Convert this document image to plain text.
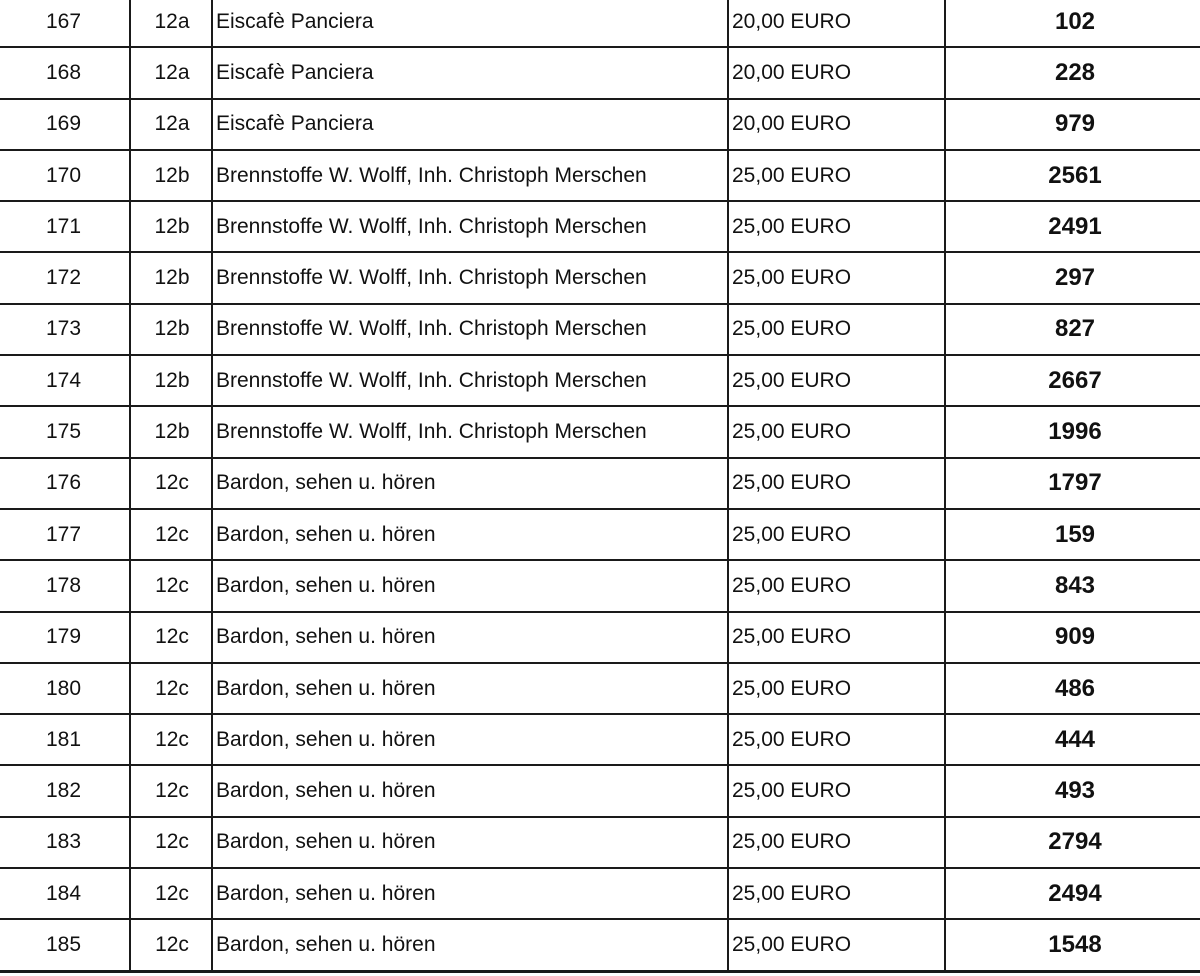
167	12a	Eiscafè Panciera	20,00 EURO	102
168	12a	Eiscafè Panciera	20,00 EURO	228
169	12a	Eiscafè Panciera	20,00 EURO	979
170	12b	Brennstoffe W. Wolff, Inh. Christoph Merschen	25,00 EURO	2561
171	12b	Brennstoffe W. Wolff, Inh. Christoph Merschen	25,00 EURO	2491
172	12b	Brennstoffe W. Wolff, Inh. Christoph Merschen	25,00 EURO	297
173	12b	Brennstoffe W. Wolff, Inh. Christoph Merschen	25,00 EURO	827
174	12b	Brennstoffe W. Wolff, Inh. Christoph Merschen	25,00 EURO	2667
175	12b	Brennstoffe W. Wolff, Inh. Christoph Merschen	25,00 EURO	1996
176	12c	Bardon, sehen u. hören	25,00 EURO	1797
177	12c	Bardon, sehen u. hören	25,00 EURO	159
178	12c	Bardon, sehen u. hören	25,00 EURO	843
179	12c	Bardon, sehen u. hören	25,00 EURO	909
180	12c	Bardon, sehen u. hören	25,00 EURO	486
181	12c	Bardon, sehen u. hören	25,00 EURO	444
182	12c	Bardon, sehen u. hören	25,00 EURO	493
183	12c	Bardon, sehen u. hören	25,00 EURO	2794
184	12c	Bardon, sehen u. hören	25,00 EURO	2494
185	12c	Bardon, sehen u. hören	25,00 EURO	1548
